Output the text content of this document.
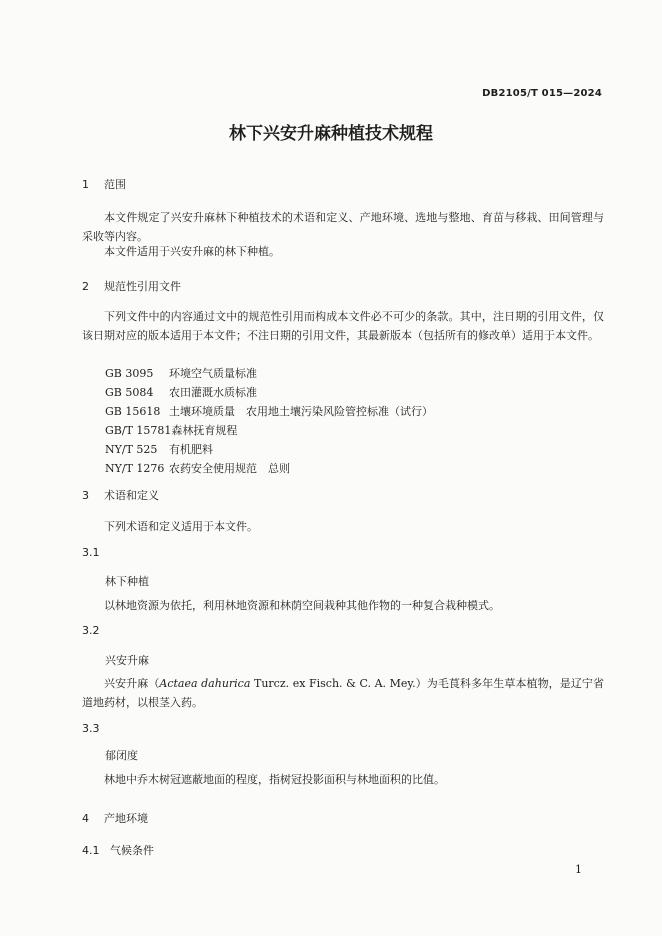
DB2105/T 015—2024
林下兴安升麻种植技术规程
1 范围
本文件规定了兴安升麻林下种植技术的术语和定义、产地环境、选地与整地、育苗与移栽、田间管理与采收等内容。
本文件适用于兴安升麻的林下种植。
2 规范性引用文件
下列文件中的内容通过文中的规范性引用而构成本文件必不可少的条款。其中，注日期的引用文件，仅该日期对应的版本适用于本文件；不注日期的引用文件，其最新版本（包括所有的修改单）适用于本文件。
GB 3095 环境空气质量标准
GB 5084 农田灌溉水质标准
GB 15618 土壤环境质量　农用地土壤污染风险管控标准（试行）
GB/T 15781森林抚育规程
NY/T 525 有机肥料
NY/T 1276 农药安全使用规范　总则
3 术语和定义
下列术语和定义适用于本文件。
3.1
林下种植
以林地资源为依托，利用林地资源和林荫空间栽种其他作物的一种复合栽种模式。
3.2
兴安升麻
兴安升麻（Actaea dahurica Turcz. ex Fisch. & C. A. Mey.）为毛茛科多年生草本植物，是辽宁省道地药材，以根茎入药。
3.3
郁闭度
林地中乔木树冠遮蔽地面的程度，指树冠投影面积与林地面积的比值。
4 产地环境
4.1 气候条件
1
